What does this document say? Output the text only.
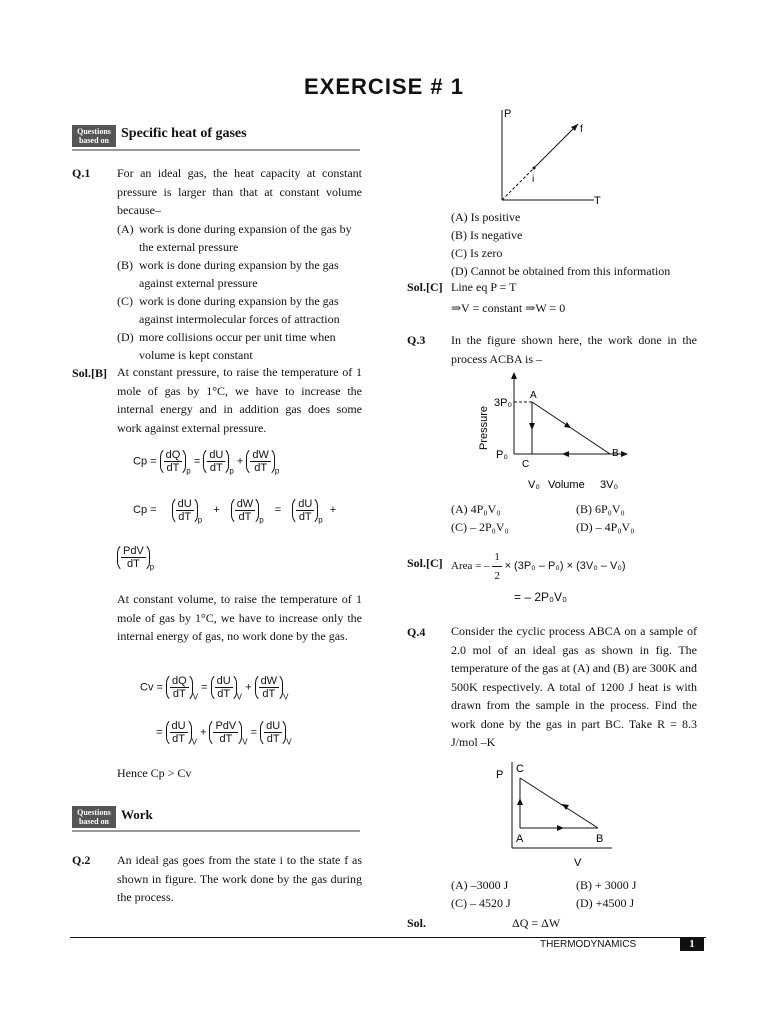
EXERCISE # 1
Questions
based on Specific heat of gases
Q.1 For an ideal gas, the heat capacity at constant pressure is larger than that at constant volume because–
(A) work is done during expansion of the gas by the external pressure
(B) work is done during expansion by the gas against external pressure
(C) work is done during expansion by the gas against intermolecular forces of attraction
(D) more collisions occur per unit time when volume is kept constant
Sol.[B] At constant pressure, to raise the temperature of 1 mole of gas by 1°C, we have to increase the internal energy and in addition gas does some work against external pressure.
$Cp = \frac{dQ}{dT} _p = \frac{dU}{dT} _p + \frac{dW}{dT} _p$
$Cp = \frac{dU}{dT} _p + \frac{dW}{dT} _p = \frac{dU}{dT} _p$ +
$\frac{\text{PdV}}{dT} _p$
At constant volume, to raise the temperature of 1 mole of gas by 1°C, we have to increase only the internal energy of gas, no work done by the gas.
$Cv = \frac{dQ}{dT} _V = \frac{dU}{dT} _V + \frac{dW}{dT} _V$
= $\frac{dU}{dT} _V + \frac{\text{PdV}}{dT} _V = \frac{dU}{dT} _V$
Hence Cp > Cv
Questions
based on Work
Q.2 An ideal gas goes from the state i to the state f as shown in figure. The work done by the gas during the process.
P
T
i
f
(A) Is positive
(B) Is negative
(C) Is zero
(D) Cannot be obtained from this information
Sol.[C] Line eq P = T
⇒V = constant ⇒W = 0
Q.3 In the figure shown here, the work done in the process ACBA is –
Pressure
3P₀
P₀
V₀ Volume 3V₀
A
B
C
(A) 4P₀V₀	(B) 6P₀V₀
(C) – 2P₀V₀	(D) – 4P₀V₀
Sol.[C] Area = – $\frac{1}{2} \times (3P_0 - P_0) \times (3V_0 - V_0)$
= – 2P₀V₀
Q.4 Consider the cyclic process ABCA on a sample of 2.0 mol of an ideal gas as shown in fig. The temperature of the gas at (A) and (B) are 300K and 500K respectively. A total of 1200 J heat is with drawn from the sample in the process. Find the work done by the gas in part BC. Take R = 8.3 J/mol –K
P
V
A	B
C
(A) –3000 J	(B) + 3000 J
(C) – 4520 J	(D) +4500 J
Sol.	ΔQ = ΔW
THERMODYNAMICS	1
